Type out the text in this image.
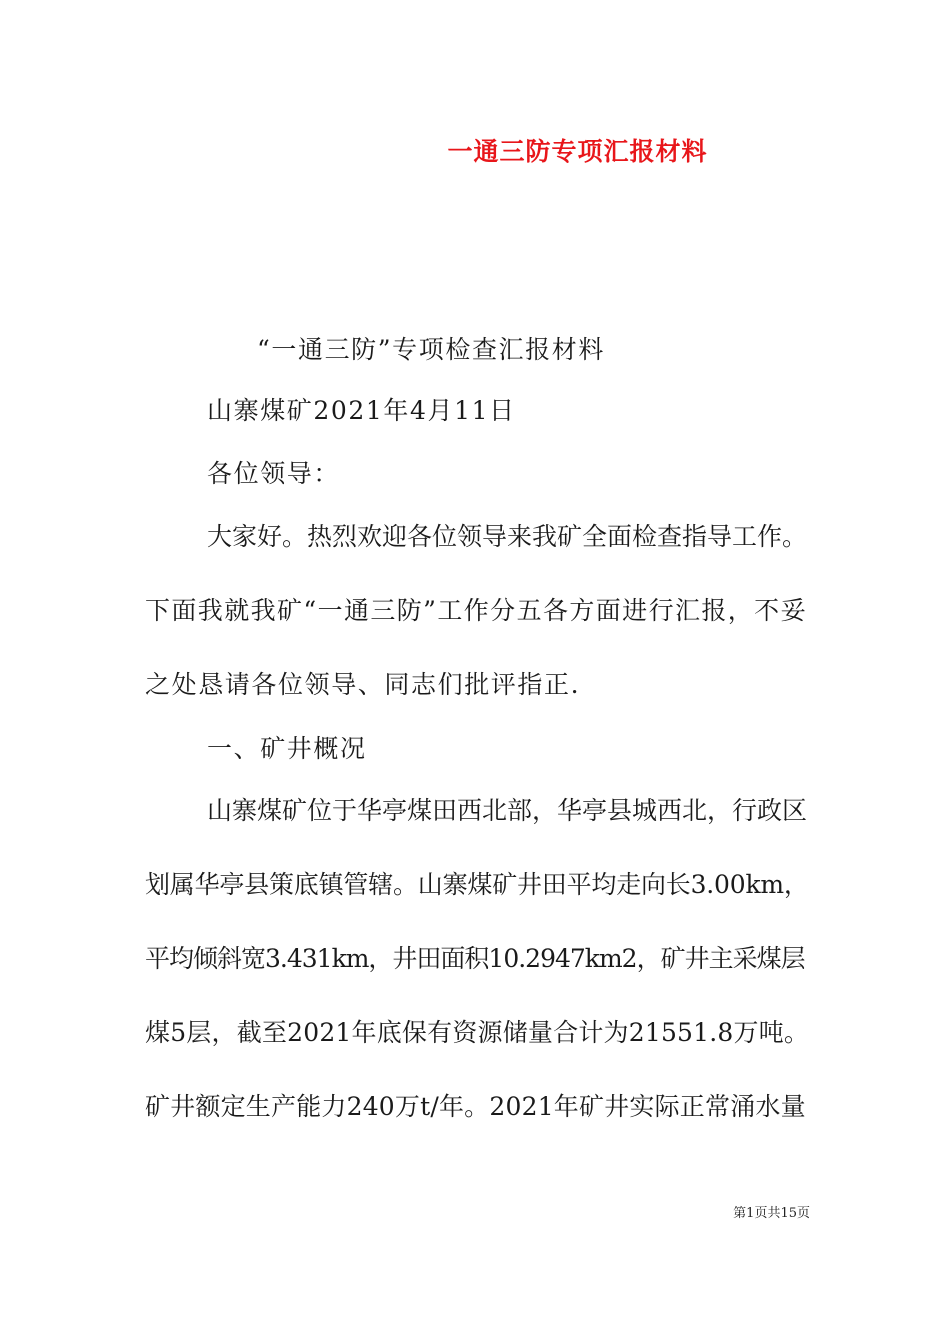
一通三防专项汇报材料
“一通三防”专项检查汇报材料
山寨煤矿2021年4月11日
各位领导：
大家好。热烈欢迎各位领导来我矿全面检查指导工作。
下面我就我矿“一通三防”工作分五各方面进行汇报，不妥
之处恳请各位领导、同志们批评指正.
一、矿井概况
山寨煤矿位于华亭煤田西北部，华亭县城西北，行政区
划属华亭县策底镇管辖。山寨煤矿井田平均走向长3.00km，
平均倾斜宽3.431km，井田面积10.2947km2，矿井主采煤层
煤5层，截至2021年底保有资源储量合计为21551.8万吨。
矿井额定生产能力240万t/年。2021年矿井实际正常涌水量
第1页共15页
